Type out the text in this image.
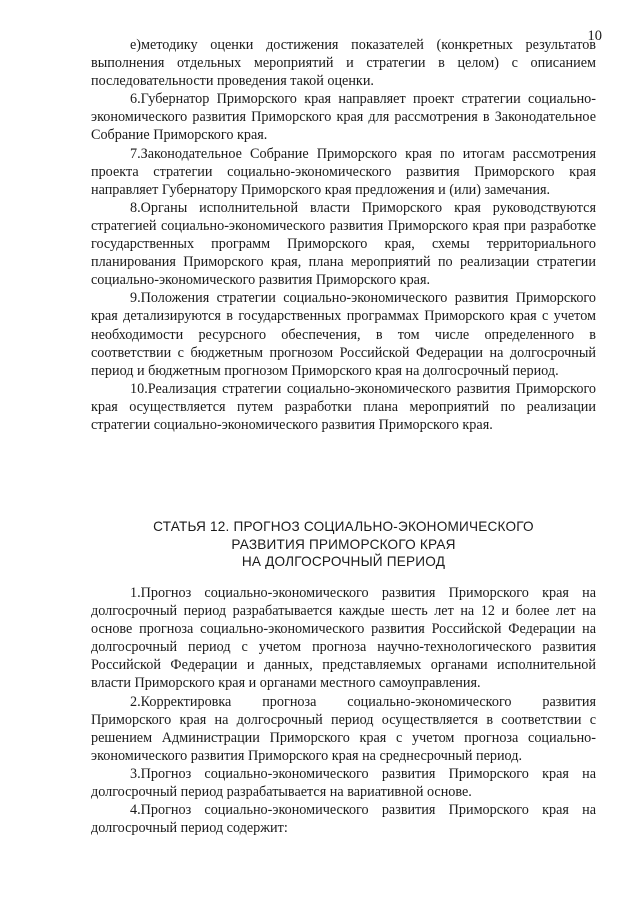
10

е)методику оценки достижения показателей (конкретных результатов выполнения отдельных мероприятий и стратегии в целом) с описанием последовательности проведения такой оценки.

6.Губернатор Приморского края направляет проект стратегии социально-экономического развития Приморского края для рассмотрения в Законодательное Собрание Приморского края.

7.Законодательное Собрание Приморского края по итогам рассмотрения проекта стратегии социально-экономического развития Приморского края направляет Губернатору Приморского края предложения и (или) замечания.

8.Органы исполнительной власти Приморского края руководствуются стратегией социально-экономического развития Приморского края при разработке государственных программ Приморского края, схемы территориального планирования Приморского края, плана мероприятий по реализации стратегии социально-экономического развития Приморского края.

9.Положения стратегии социально-экономического развития Приморского края детализируются в государственных программах Приморского края с учетом необходимости ресурсного обеспечения, в том числе определенного в соответствии с бюджетным прогнозом Российской Федерации на долгосрочный период и бюджетным прогнозом Приморского края на долгосрочный период.

10.Реализация стратегии социально-экономического развития Приморского края осуществляется путем разработки плана мероприятий по реализации стратегии социально-экономического развития Приморского края.

СТАТЬЯ 12. ПРОГНОЗ СОЦИАЛЬНО-ЭКОНОМИЧЕСКОГО
РАЗВИТИЯ ПРИМОРСКОГО КРАЯ
НА ДОЛГОСРОЧНЫЙ ПЕРИОД

1.Прогноз социально-экономического развития Приморского края на долгосрочный период разрабатывается каждые шесть лет на 12 и более лет на основе прогноза социально-экономического развития Российской Федерации на долгосрочный период с учетом прогноза научно-технологического развития Российской Федерации и данных, представляемых органами исполнительной власти Приморского края и органами местного самоуправления.

2.Корректировка прогноза социально-экономического развития Приморского края на долгосрочный период осуществляется в соответствии с решением Администрации Приморского края с учетом прогноза социально-экономического развития Приморского края на среднесрочный период.

3.Прогноз социально-экономического развития Приморского края на долгосрочный период разрабатывается на вариативной основе.

4.Прогноз социально-экономического развития Приморского края на долгосрочный период содержит:
